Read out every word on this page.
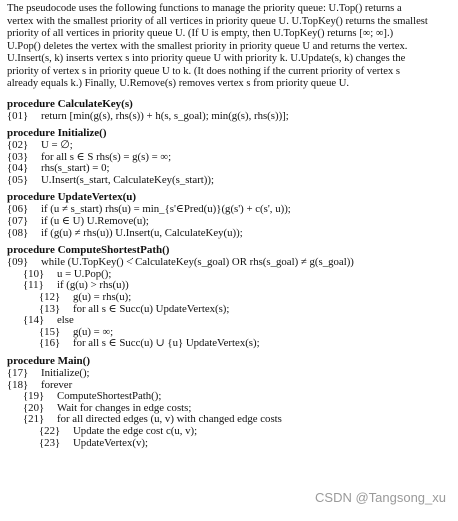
The pseudocode uses the following functions to manage the priority queue: U.Top() returns a
vertex with the smallest priority of all vertices in priority queue U. U.TopKey() returns the smallest
priority of all vertices in priority queue U. (If U is empty, then U.TopKey() returns [∞; ∞].)
U.Pop() deletes the vertex with the smallest priority in priority queue U and returns the vertex.
U.Insert(s, k) inserts vertex s into priority queue U with priority k. U.Update(s, k) changes the
priority of vertex s in priority queue U to k. (It does nothing if the current priority of vertex s
already equals k.) Finally, U.Remove(s) removes vertex s from priority queue U.
procedure CalculateKey(s)
{01} return [min(g(s), rhs(s)) + h(s, s_goal); min(g(s), rhs(s))];
procedure Initialize()
{02} U = ∅;
{03} for all s ∈ S rhs(s) = g(s) = ∞;
{04} rhs(s_start) = 0;
{05} U.Insert(s_start, CalculateKey(s_start));
procedure UpdateVertex(u)
{06} if (u ≠ s_start) rhs(u) = min_{s'∈Pred(u)}(g(s') + c(s', u));
{07} if (u ∈ U) U.Remove(u);
{08} if (g(u) ≠ rhs(u)) U.Insert(u, CalculateKey(u));
procedure ComputeShortestPath()
{09} while (U.TopKey() <̇ CalculateKey(s_goal) OR rhs(s_goal) ≠ g(s_goal))
{10} u = U.Pop();
{11} if (g(u) > rhs(u))
{12} g(u) = rhs(u);
{13} for all s ∈ Succ(u) UpdateVertex(s);
{14} else
{15} g(u) = ∞;
{16} for all s ∈ Succ(u) ∪ {u} UpdateVertex(s);
procedure Main()
{17} Initialize();
{18} forever
{19} ComputeShortestPath();
{20} Wait for changes in edge costs;
{21} for all directed edges (u, v) with changed edge costs
{22} Update the edge cost c(u, v);
{23} UpdateVertex(v);
CSDN @Tangsong_xu
